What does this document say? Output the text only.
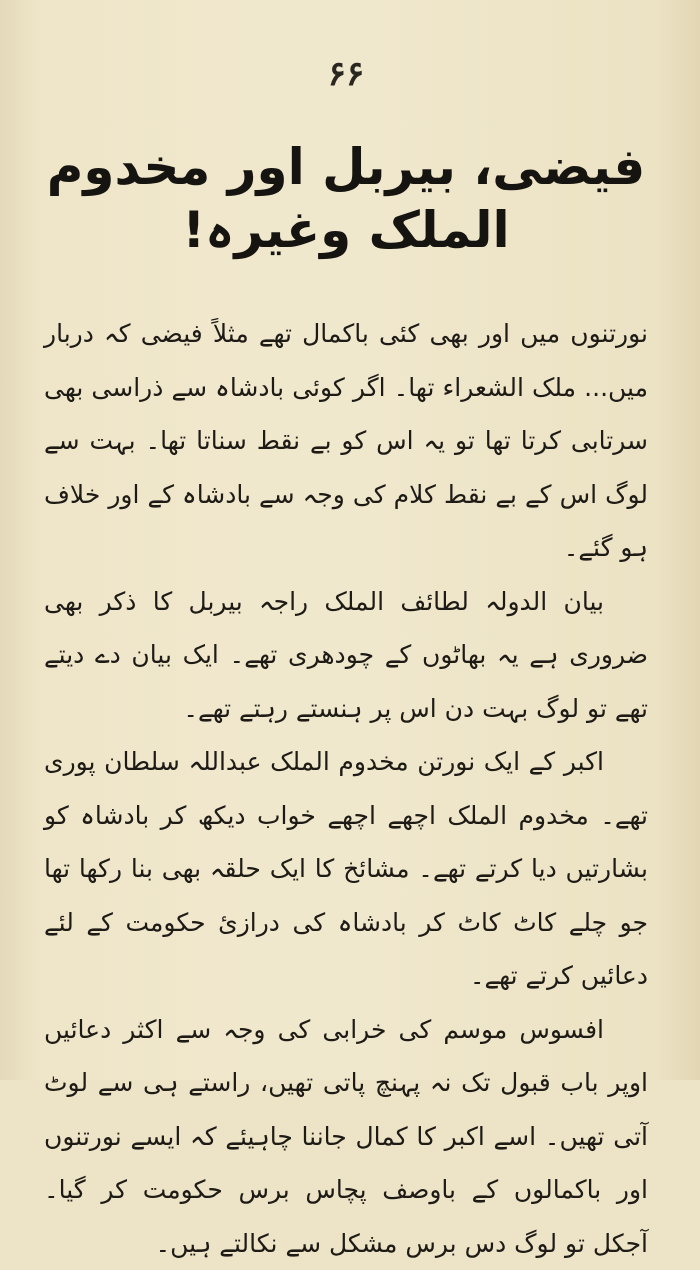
۶۶
فیضی، بیربل اور مخدوم الملک وغیرہ!

نورتنوں میں اور بھی کئی باکمال تھے مثلاً فیضی کہ دربار میں... ملک الشعراء تھا۔ اگر کوئی بادشاہ سے ذراسی بھی سرتابی کرتا تھا تو یہ اس کو بے نقط سناتا تھا۔ بہت سے لوگ اس کے بے نقط کلام کی وجہ سے بادشاہ کے اور خلاف ہو گئے۔

بیان الدولہ لطائف الملک راجہ بیربل کا ذکر بھی ضروری ہے یہ بھاٹوں کے چودھری تھے۔ ایک بیان دے دیتے تھے تو لوگ بہت دن اس پر ہنستے رہتے تھے۔

اکبر کے ایک نورتن مخدوم الملک عبداللہ سلطان پوری تھے۔ مخدوم الملک اچھے اچھے خواب دیکھ کر بادشاہ کو بشارتیں دیا کرتے تھے۔ مشائخ کا ایک حلقہ بھی بنا رکھا تھا جو چلے کاٹ کاٹ کر بادشاہ کی درازیٔ حکومت کے لئے دعائیں کرتے تھے۔

افسوس موسم کی خرابی کی وجہ سے اکثر دعائیں اوپر باب قبول تک نہ پہنچ پاتی تھیں، راستے ہی سے لوٹ آتی تھیں۔ اسے اکبر کا کمال جاننا چاہیئے کہ ایسے نورتنوں اور باکمالوں کے باوصف پچاس برس حکومت کر گیا۔ آجکل تو لوگ دس برس مشکل سے نکالتے ہیں۔
